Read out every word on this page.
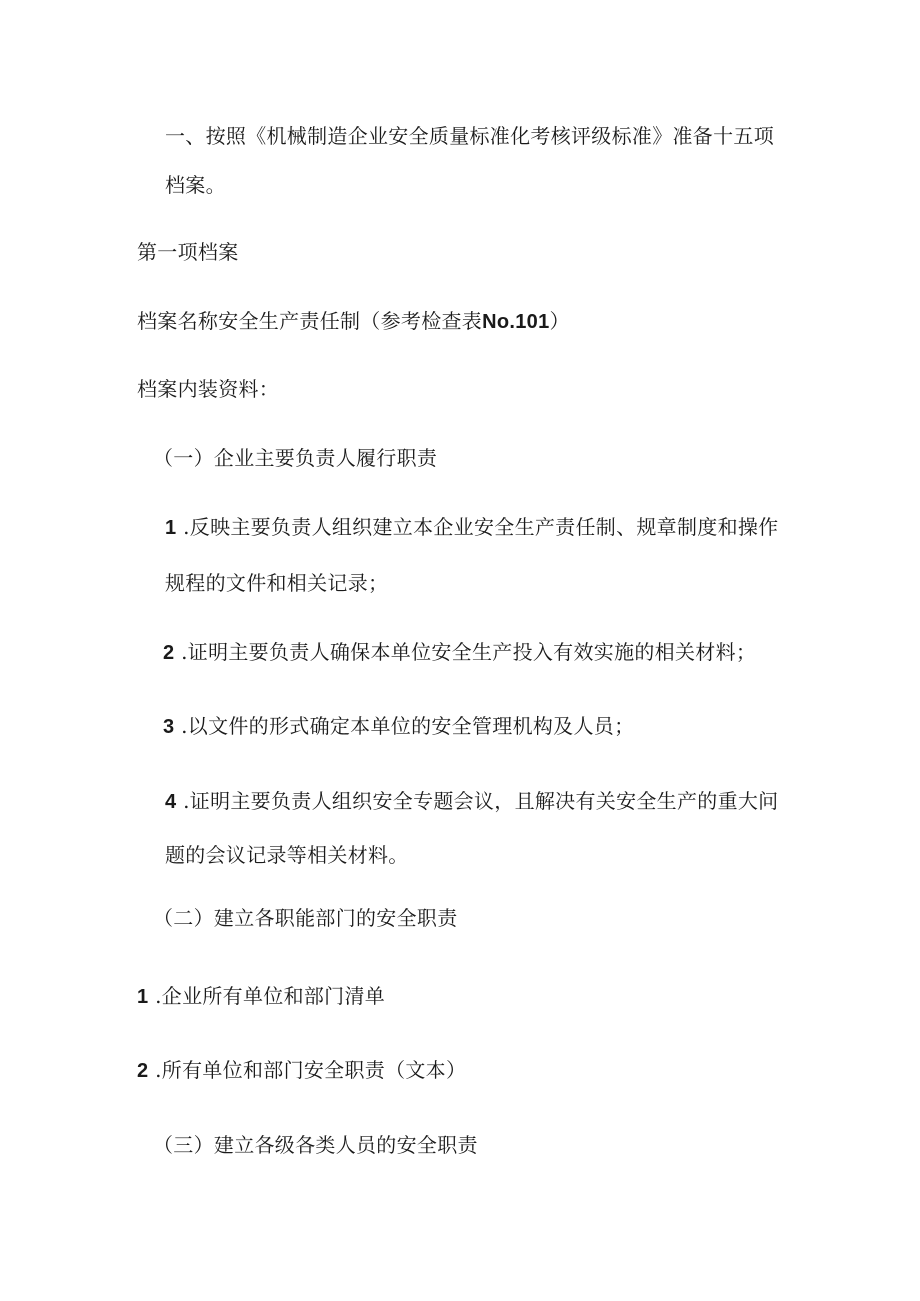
一、按照《机械制造企业安全质量标准化考核评级标准》准备十五项
档案。
第一项档案
档案名称安全生产责任制（参考检查表No.101）
档案内装资料：
（一）企业主要负责人履行职责
1 .反映主要负责人组织建立本企业安全生产责任制、规章制度和操作
规程的文件和相关记录；
2 .证明主要负责人确保本单位安全生产投入有效实施的相关材料；
3 .以文件的形式确定本单位的安全管理机构及人员；
4 .证明主要负责人组织安全专题会议，且解决有关安全生产的重大问
题的会议记录等相关材料。
（二）建立各职能部门的安全职责
1 .企业所有单位和部门清单
2 .所有单位和部门安全职责（文本）
（三）建立各级各类人员的安全职责
